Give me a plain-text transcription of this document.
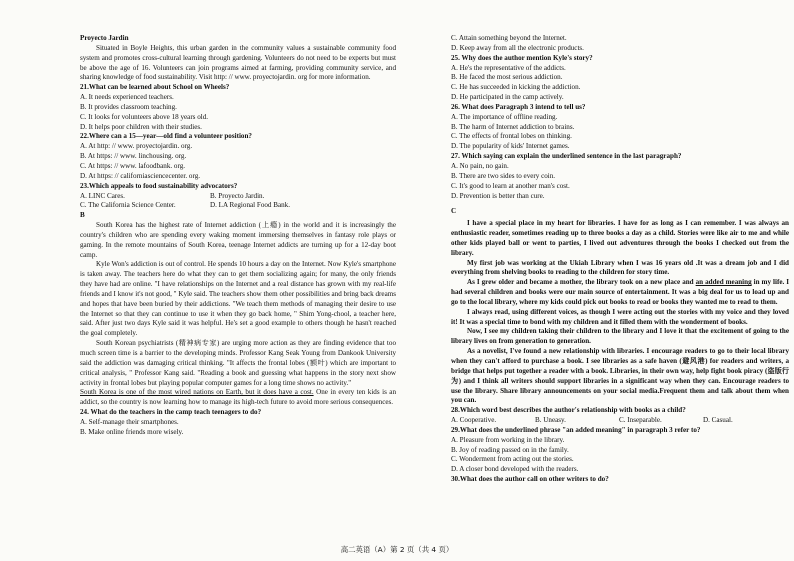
Proyecto Jardin

Situated in Boyle Heights, this urban garden in the community values a sustainable community food system and promotes cross-cultural learning through gardening. Volunteers do not need to be experts but must be above the age of 16. Volunteers can join programs aimed at farming, providing community service, and sharing knowledge of food sustainability. Visit http: // www. proyectojardin. org for more information.

21.What can be learned about School on Wheels?

A. It needs experienced teachers.

B. It provides classroom teaching.

C. It looks for volunteers above 18 years old.

D. It helps poor children with their studies.

22.Where can a 15—year—old find a volunteer position?

A. At http: // www. proyectojardin. org.

B. At https: // www. linchousing. org.

C. At https: // www. lafoodbank. org.

D. At https: // californiasciencecenter. org.

23.Which appeals to food sustainability advocators?

A. LINC Cares.	B. Proyecto Jardin.
C. The California Science Center.	D. LA Regional Food Bank.

B

South Korea has the highest rate of Internet addiction (上瘾) in the world and it is increasingly the country's children who are spending every waking moment immersing themselves in fantasy role plays or gaming. In the remote mountains of South Korea, teenage Internet addicts are turning up for a 12-day boot camp.

Kyle Won's addiction is out of control. He spends 10 hours a day on the Internet. Now Kyle's smartphone is taken away. The teachers here do what they can to get them socializing again; for many, the only friends they have had are online. "I have relationships on the Internet and a real distance has grown with my real-life friends and I know it's not good, " Kyle said. The teachers show them other possibilities and bring back dreams and hopes that have been buried by their addictions. "We teach them methods of managing their desire to use the Internet so that they can continue to use it when they go back home, " Shim Yong-chool, a teacher here, said. After just two days Kyle said it was helpful. He's set a good example to others though he hasn't reached the goal completely.

South Korean psychiatrists (精神病专家) are urging more action as they are finding evidence that too much screen time is a barrier to the developing minds. Professor Kang Seak Young from Dankook University said the addiction was damaging critical thinking. "It affects the frontal lobes (额叶) which are important to critical analysis, " Professor Kang said. "Reading a book and guessing what happens in the story next show activity in frontal lobes but playing popular computer games for a long time shows no activity."

South Korea is one of the most wired nations on Earth, but it does have a cost. One in every ten kids is an addict, so the country is now learning how to manage its high-tech future to avoid more serious consequences.

24. What do the teachers in the camp teach teenagers to do?

A. Self-manage their smartphones.

B. Make online friends more wisely.

C. Attain something beyond the Internet.

D. Keep away from all the electronic products.

25. Why does the author mention Kyle's story?

A. He's the representative of the addicts.

B. He faced the most serious addiction.

C. He has succeeded in kicking the addiction.

D. He participated in the camp actively.

26. What does Paragraph 3 intend to tell us?

A. The importance of offline reading.

B. The harm of Internet addiction to brains.

C. The effects of frontal lobes on thinking.

D. The popularity of kids' Internet games.

27. Which saying can explain the underlined sentence in the last paragraph?

A. No pain, no gain.

B. There are two sides to every coin.

C. It's good to learn at another man's cost.

D. Prevention is better than cure.

C

I have a special place in my heart for libraries. I have for as long as I can remember. I was always an enthusiastic reader, sometimes reading up to three books a day as a child. Stories were like air to me and while other kids played ball or went to parties, I lived out adventures through the books I checked out from the library.

My first job was working at the Ukiah Library when I was 16 years old .It was a dream job and I did everything from shelving books to reading to the children for story time.

As I grew older and became a mother, the library took on a new place and an added meaning in my life. I had several children and books were our main source of entertainment. It was a big deal for us to load up and go to the local library, where my kids could pick out books to read or books they wanted me to read to them.

I always read, using different voices, as though I were acting out the stories with my voice and they loved it! It was a special time to bond with my children and it filled them with the wonderment of books.

Now, I see my children taking their children to the library and I love it that the excitement of going to the library lives on from generation to generation.

As a novelist, I've found a new relationship with libraries. I encourage readers to go to their local library when they can't afford to purchase a book. I see libraries as a safe haven (避风港) for readers and writers, a bridge that helps put together a reader with a book. Libraries, in their own way, help fight book piracy (盗版行为) and I think all writers should support libraries in a significant way when they can. Encourage readers to use the library. Share library announcements on your social media.Frequent them and talk about them when you can.

28.Which word best describes the author's relationship with books as a child?

A. Cooperative.	B. Uneasy.	C. Inseparable.	D. Casual.

29.What does the underlined phrase "an added meaning" in paragraph 3 refer to?

A. Pleasure from working in the library.

B. Joy of reading passed on in the family.

C. Wonderment from acting out the stories.

D. A closer bond developed with the readers.

30.What does the author call on other writers to do?

高二英语（A）第 2 页（共 4 页）
